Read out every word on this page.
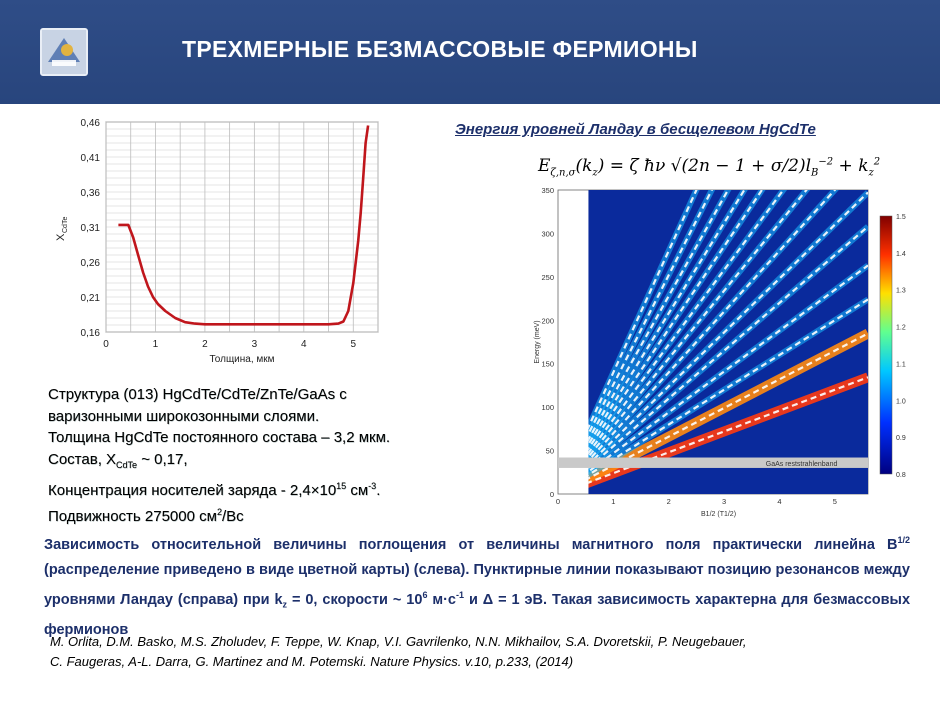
ТРЕХМЕРНЫЕ БЕЗМАССОВЫЕ ФЕРМИОНЫ
0,16
0,21
0,26
0,31
0,36
0,41
0,46
0	1	2	3	4	5
Толщина, мкм
X
CdTe
Энергия уровней Ландау в бесщелевом HgCdTe
$E_{\zeta,n,\sigma}(k_z) = \zeta$ ħν $√(2n - 1 + \sigma/2)l_B^{-2} + k_z^2$
GaAs reststrahlenband
0
50
100
150
200
250
300
350
0	1	2	3	4	5
B1/2 (T1/2)
Energy (meV)
1.5
1.4
1.3
1.2
1.1
1.0
0.9
0.8
Структура (013) HgCdTe/CdTe/ZnTe/GaAs с
варизонными широкозонными слоями.
Толщина HgCdTe постоянного состава – 3,2 мкм.
Состав, $X_{CdTe}$ ~ 0,17,
Концентрация носителей заряда - $2,4\times 10^{15}$ $см^{-3}$.
Подвижность 275000 $см^2/Вс$
Зависимость относительной величины поглощения от величины магнитного поля практически линейна $B^{1/2}$ (распределение приведено в виде цветной карты) (слева). Пунктирные линии показывают позицию резонансов между уровнями Ландау (справа) при $k_z = 0$, скорости ~ $10^6$ $м\cdot с^{-1}$ и Δ = 1 эВ. Такая зависимость характерна для безмассовых фермионов
M. Orlita, D.M. Basko, M.S. Zholudev, F. Teppe, W. Knap, V.I. Gavrilenko, N.N. Mikhailov, S.A. Dvoretskii, P. Neugebauer,
C. Faugeras, A-L. Darra, G. Martinez and M. Potemski. Nature Physics. v.10, p.233, (2014)
